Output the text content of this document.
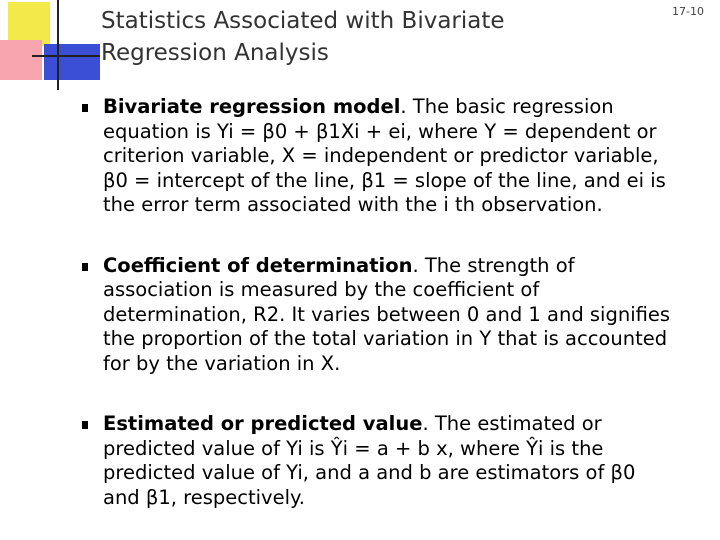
17-10
Statistics Associated with Bivariate
Regression Analysis
Bivariate regression model. The basic regression equation is Yi = β0 + β1Xi + ei, where Y = dependent or criterion variable, X = independent or predictor variable, β0 = intercept of the line, β1 = slope of the line, and ei is the error term associated with the i th observation.
Coefficient of determination. The strength of association is measured by the coefficient of determination, R2. It varies between 0 and 1 and signifies the proportion of the total variation in Y that is accounted for by the variation in X.
Estimated or predicted value. The estimated or predicted value of Yi is Ŷi = a + b x, where Ŷi is the predicted value of Yi, and a and b are estimators of β0 and β1, respectively.
